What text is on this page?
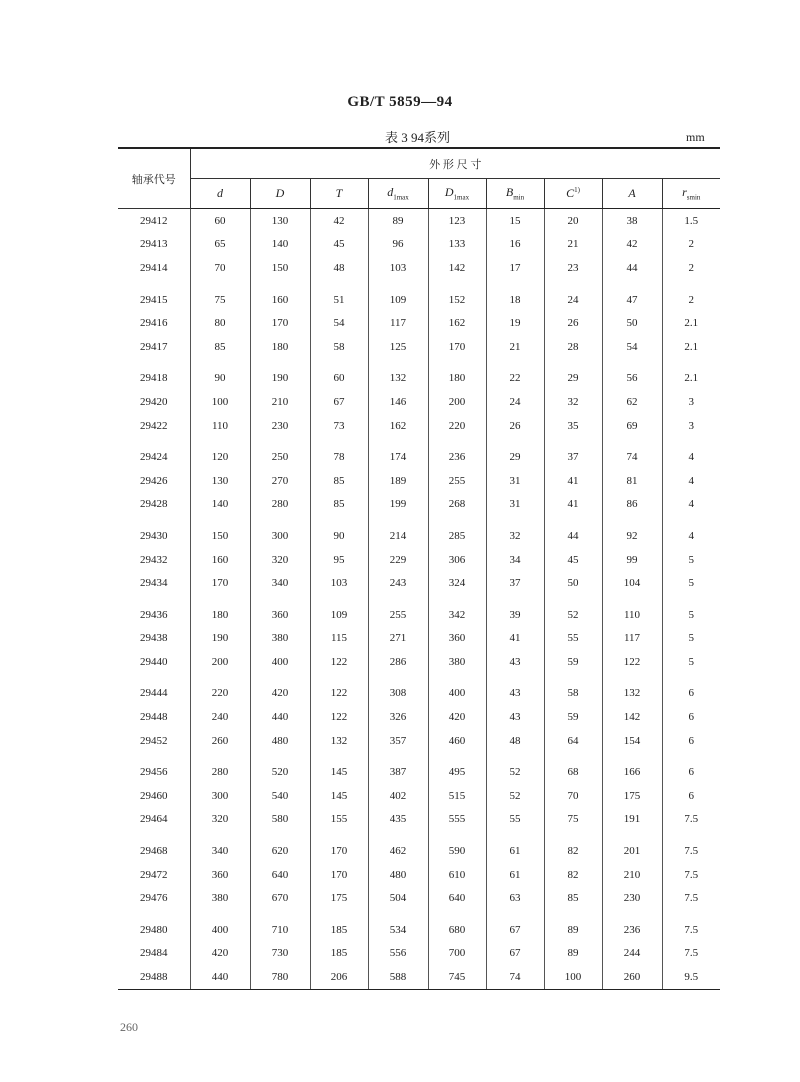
GB/T 5859—94
表 3 94系列	mm
轴承代号	外 形 尺 寸								
	d	D	T	$d_{1max}$	$D_{1max}$	$B_{min}$	$C^{1)}$	A	$r_{smin}$
29412	60	130	42	89	123	15	20	38	1.5
29413	65	140	45	96	133	16	21	42	2
29414	70	150	48	103	142	17	23	44	2
29415	75	160	51	109	152	18	24	47	2
29416	80	170	54	117	162	19	26	50	2.1
29417	85	180	58	125	170	21	28	54	2.1
29418	90	190	60	132	180	22	29	56	2.1
29420	100	210	67	146	200	24	32	62	3
29422	110	230	73	162	220	26	35	69	3
29424	120	250	78	174	236	29	37	74	4
29426	130	270	85	189	255	31	41	81	4
29428	140	280	85	199	268	31	41	86	4
29430	150	300	90	214	285	32	44	92	4
29432	160	320	95	229	306	34	45	99	5
29434	170	340	103	243	324	37	50	104	5
29436	180	360	109	255	342	39	52	110	5
29438	190	380	115	271	360	41	55	117	5
29440	200	400	122	286	380	43	59	122	5
29444	220	420	122	308	400	43	58	132	6
29448	240	440	122	326	420	43	59	142	6
29452	260	480	132	357	460	48	64	154	6
29456	280	520	145	387	495	52	68	166	6
29460	300	540	145	402	515	52	70	175	6
29464	320	580	155	435	555	55	75	191	7.5
29468	340	620	170	462	590	61	82	201	7.5
29472	360	640	170	480	610	61	82	210	7.5
29476	380	670	175	504	640	63	85	230	7.5
29480	400	710	185	534	680	67	89	236	7.5
29484	420	730	185	556	700	67	89	244	7.5
29488	440	780	206	588	745	74	100	260	9.5
260
